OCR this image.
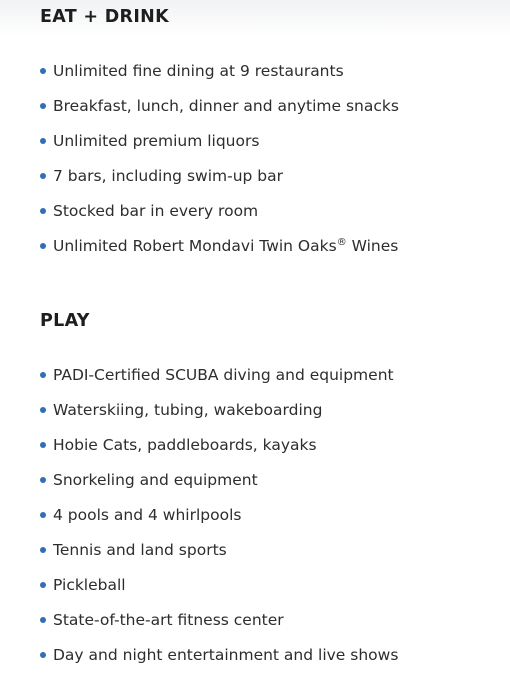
EAT + DRINK
Unlimited fine dining at 9 restaurants
Breakfast, lunch, dinner and anytime snacks
Unlimited premium liquors
7 bars, including swim-up bar
Stocked bar in every room
Unlimited Robert Mondavi Twin Oaks® Wines
PLAY
PADI-Certified SCUBA diving and equipment
Waterskiing, tubing, wakeboarding
Hobie Cats, paddleboards, kayaks
Snorkeling and equipment
4 pools and 4 whirlpools
Tennis and land sports
Pickleball
State-of-the-art fitness center
Day and night entertainment and live shows
